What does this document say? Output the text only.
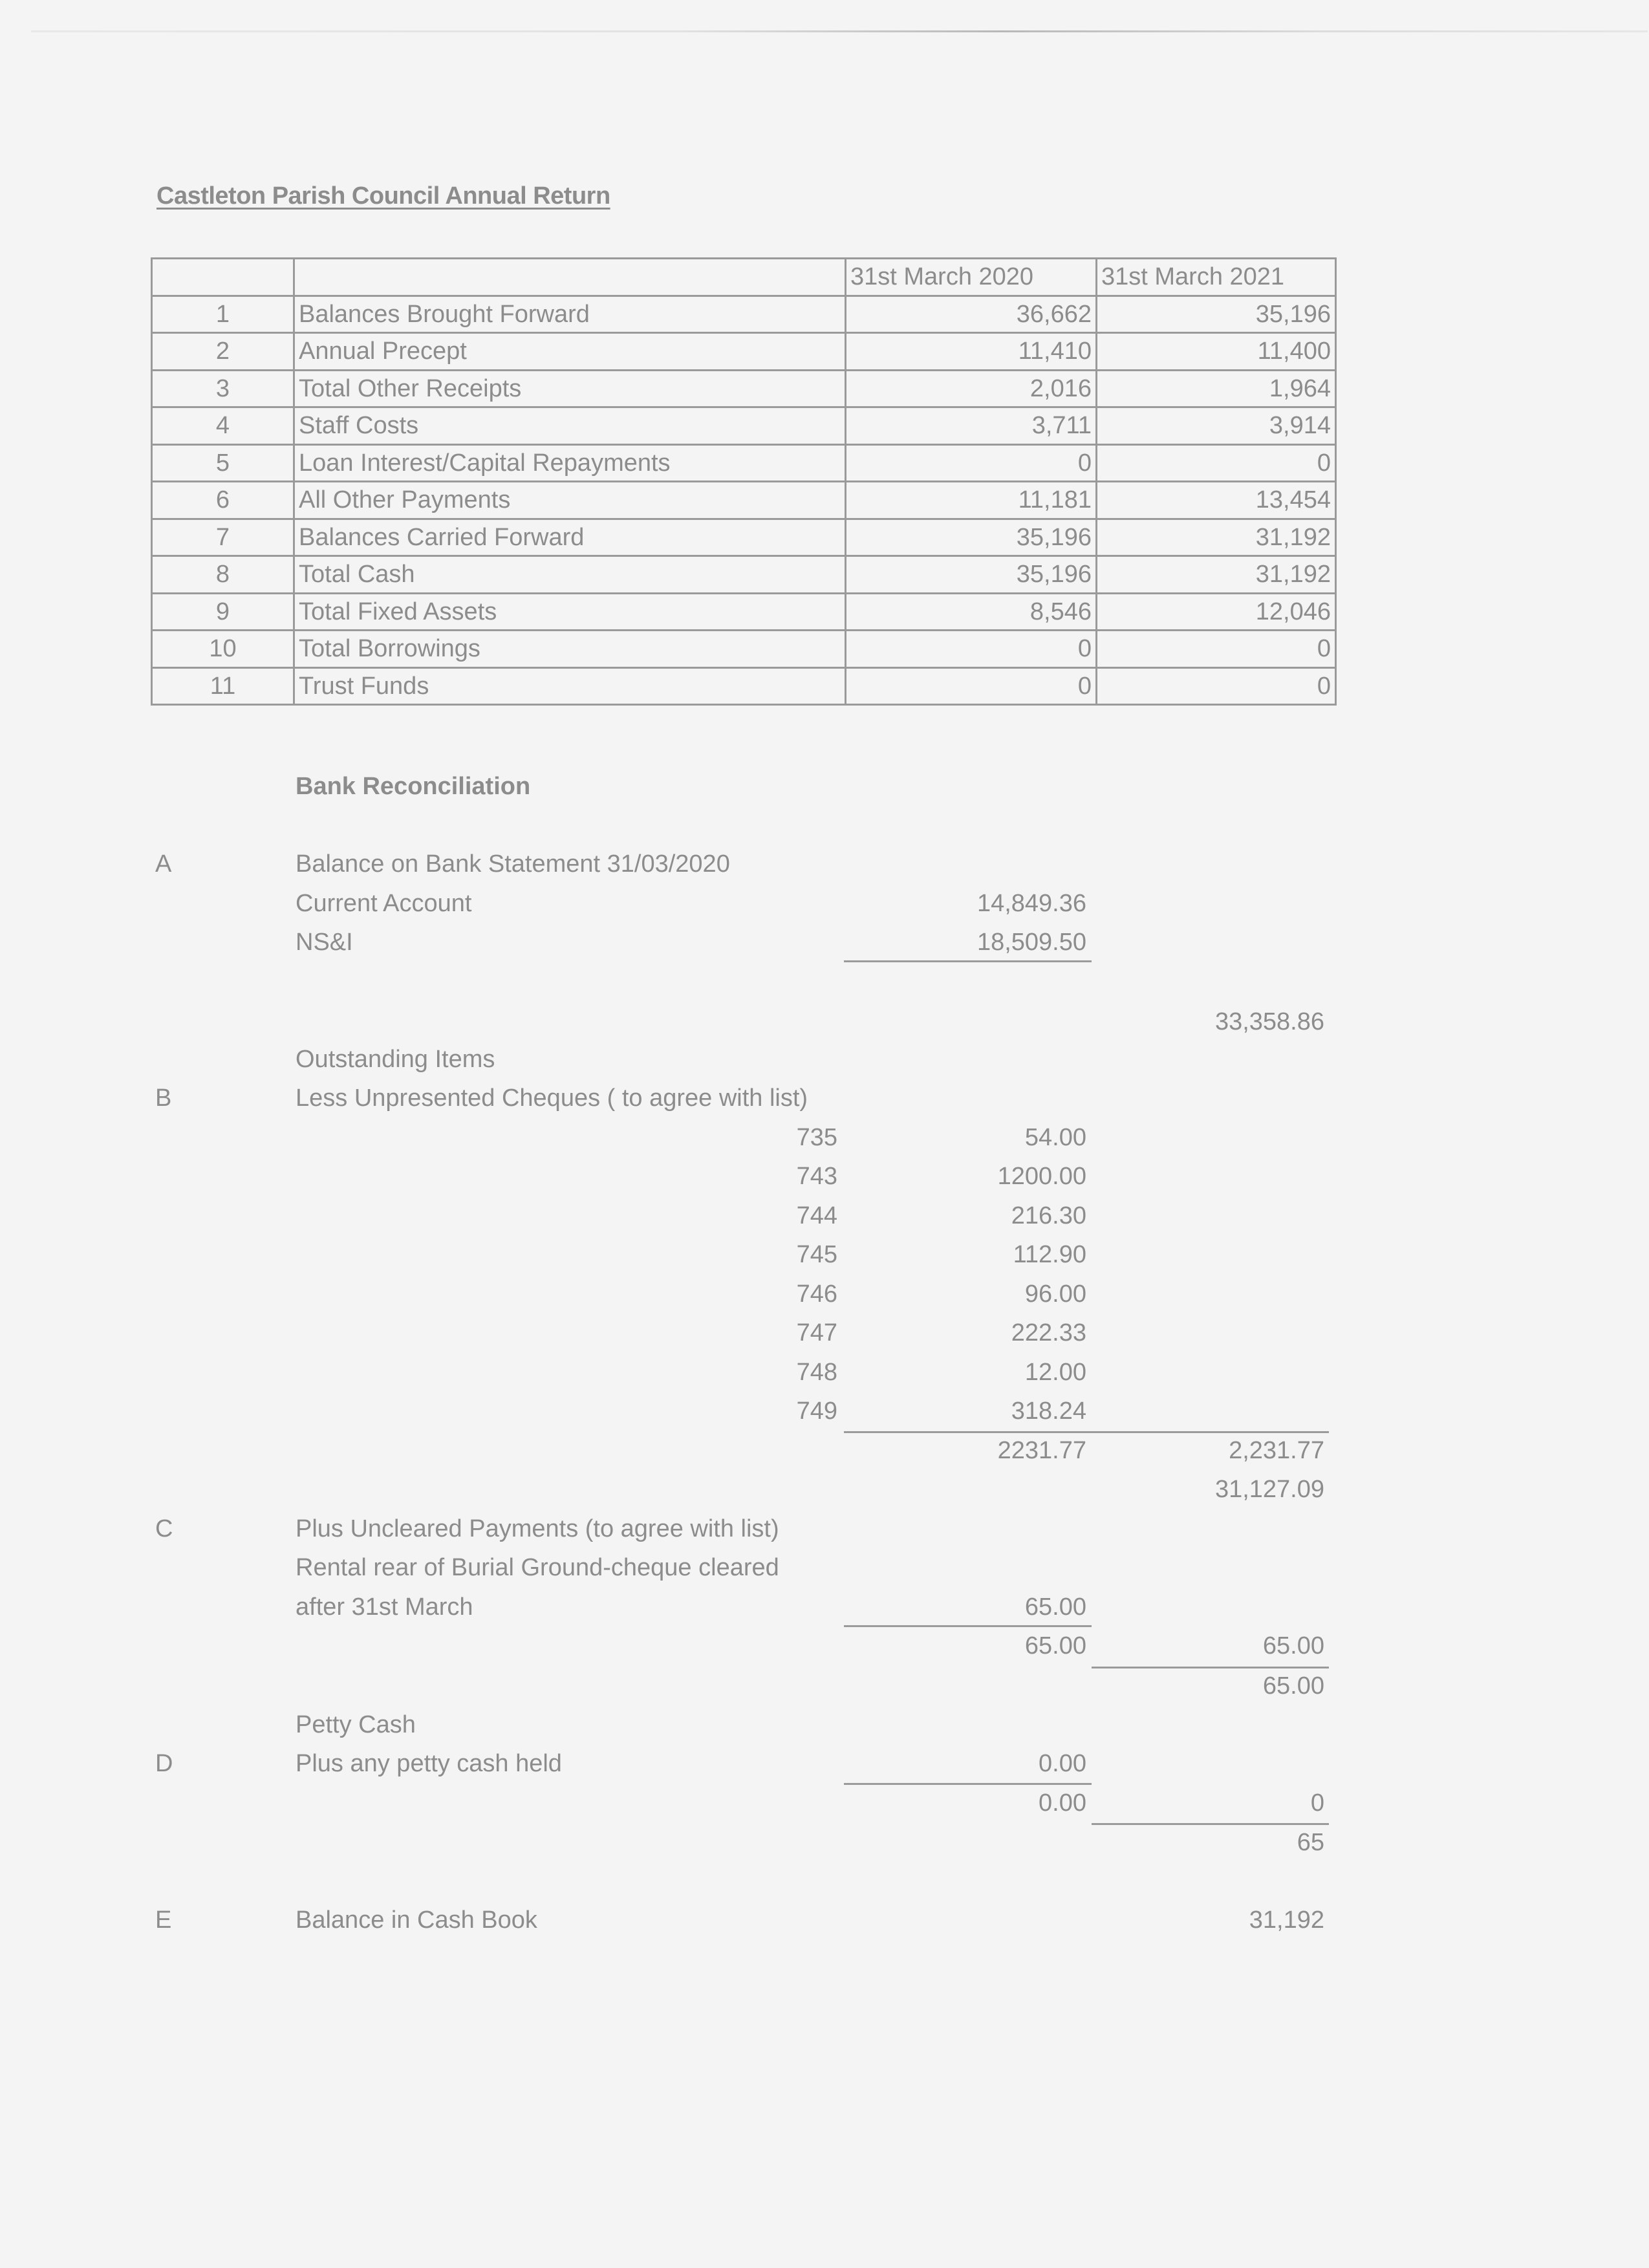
Castleton Parish Council Annual Return
		31st March 2020	31st March 2021
1	Balances Brought Forward	36,662	35,196
2	Annual Precept	11,410	11,400
3	Total Other Receipts	2,016	1,964
4	Staff Costs	3,711	3,914
5	Loan Interest/Capital Repayments	0	0
6	All Other Payments	11,181	13,454
7	Balances Carried Forward	35,196	31,192
8	Total Cash	35,196	31,192
9	Total Fixed Assets	8,546	12,046
10	Total Borrowings	0	0
11	Trust Funds	0	0
Bank Reconciliation
A	Balance on Bank Statement 31/03/2020
Current Account	14,849.36
NS&I	18,509.50
33,358.86
Outstanding Items
B	Less Unpresented Cheques ( to agree with list)
735	54.00
743	1200.00
744	216.30
745	112.90
746	96.00
747	222.33
748	12.00
749	318.24
2231.77	2,231.77
31,127.09
C	Plus Uncleared Payments (to agree with list)
Rental rear of Burial Ground-cheque cleared
after 31st March	65.00
65.00	65.00
65.00
Petty Cash
D	Plus any petty cash held	0.00
0.00	0
65
E	Balance in Cash Book	31,192
